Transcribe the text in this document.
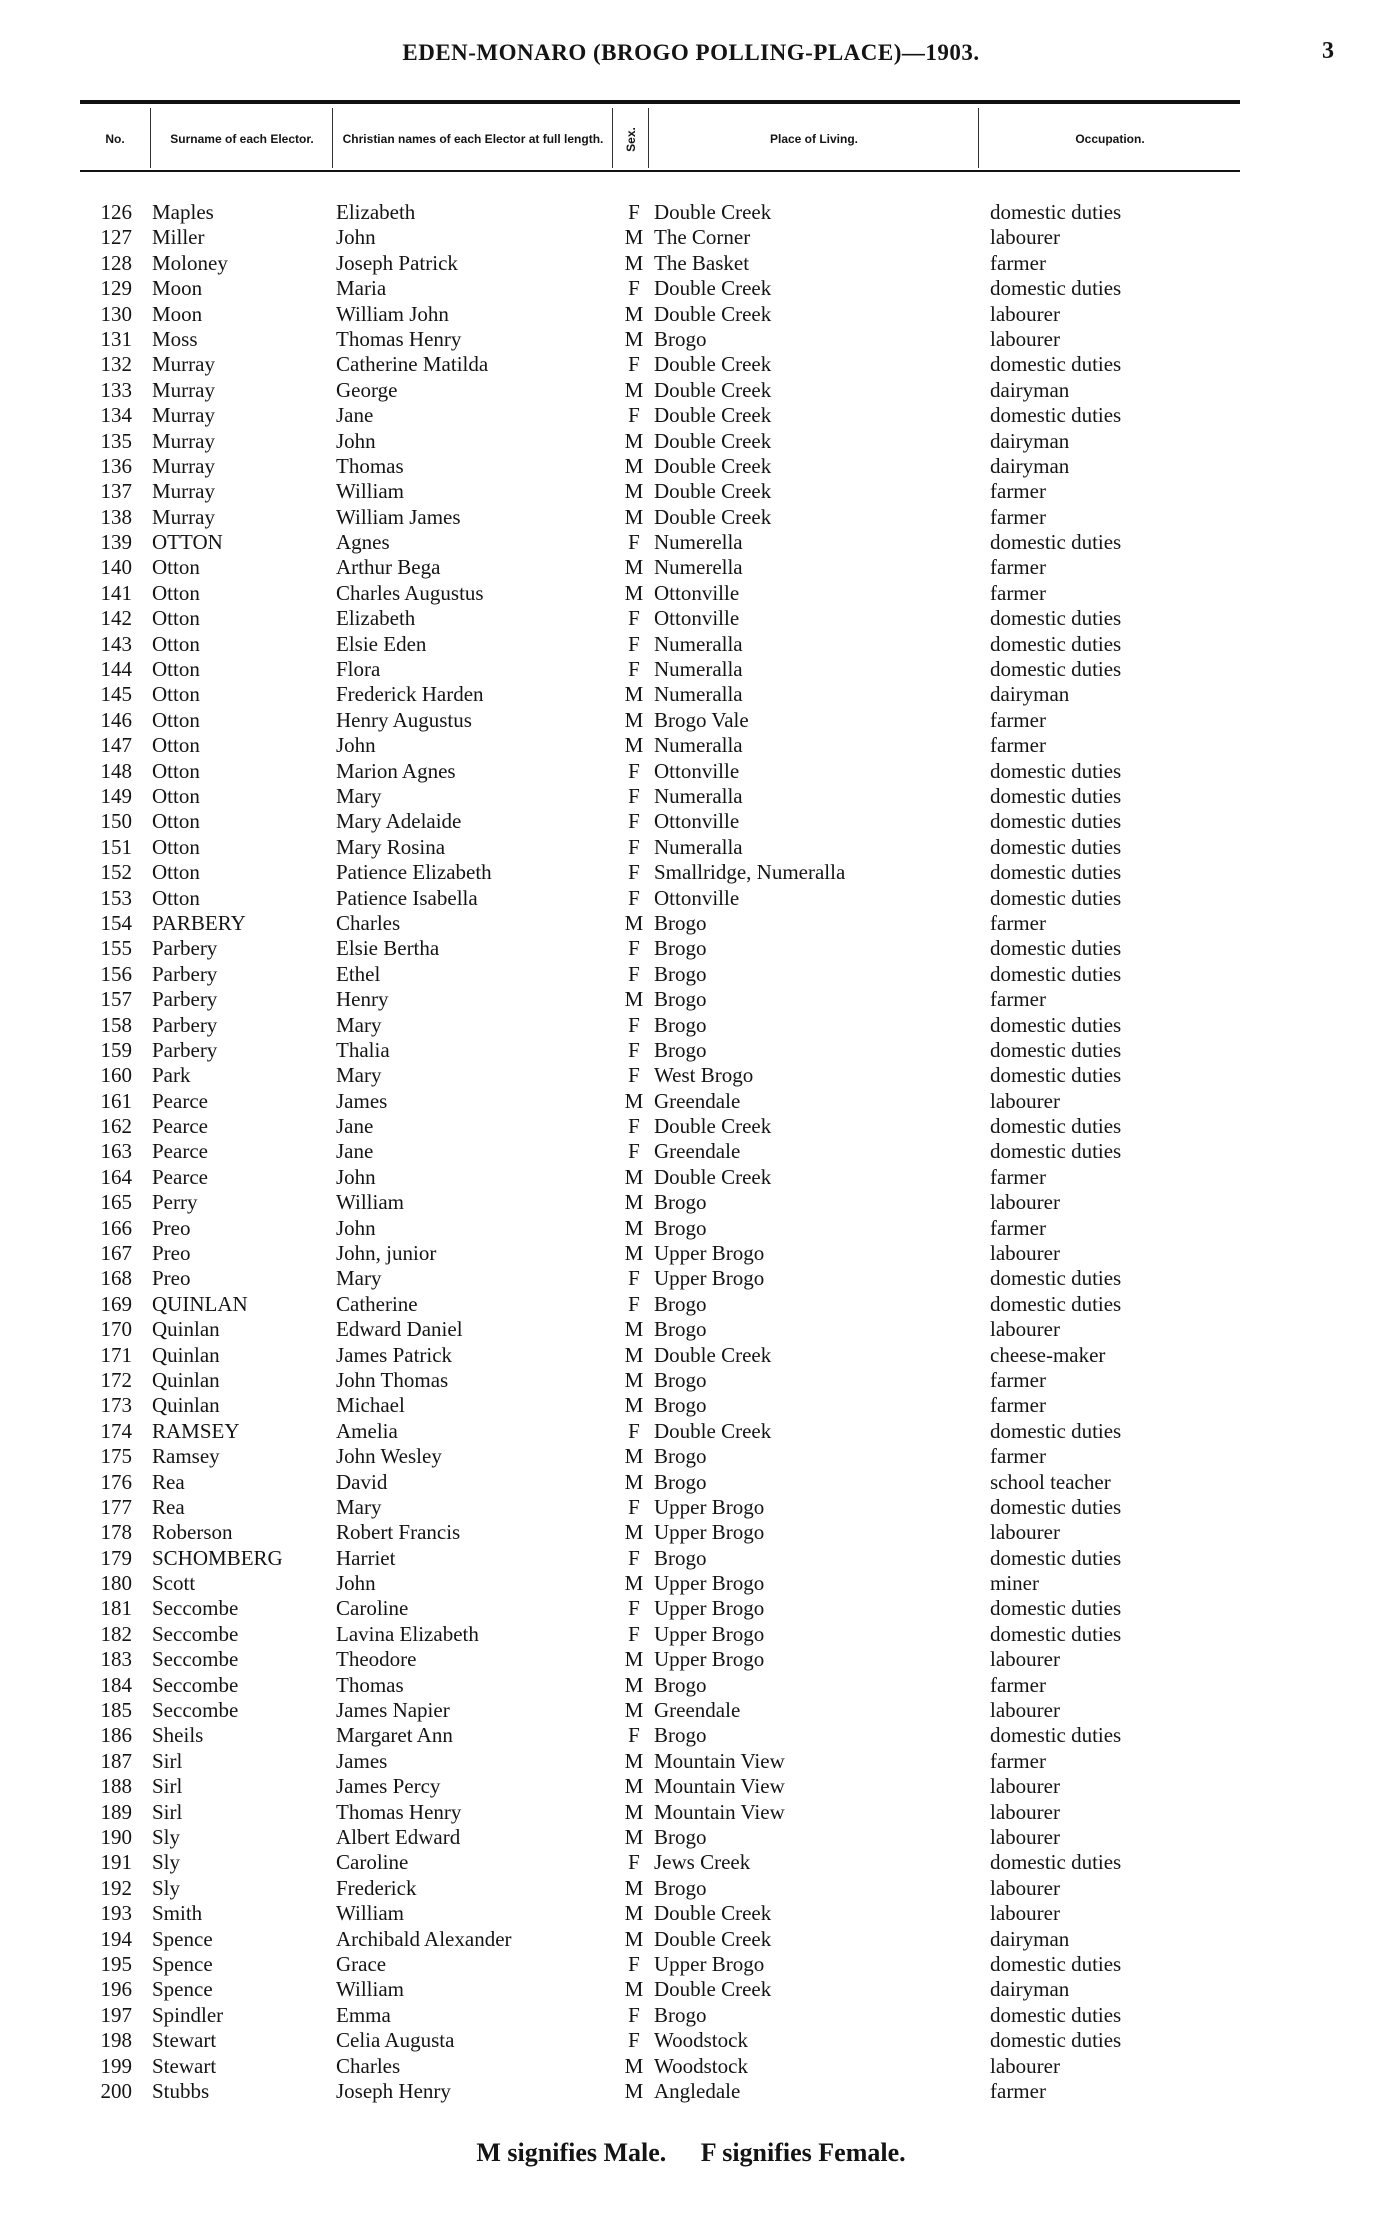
EDEN-MONARO (BROGO POLLING-PLACE)—1903.	3
No.	Surname of each Elector. Christian names of each Elector at full length. Sex.	Place of Living.	Occupation.
126 Maples	Elizabeth	F Double Creek	domestic duties
127 Miller	John	M The Corner	labourer
128 Moloney	Joseph Patrick	M The Basket	farmer
129 Moon	Maria	F Double Creek	domestic duties
130 Moon	William John	M Double Creek	labourer
131 Moss	Thomas Henry	M Brogo	labourer
132 Murray	Catherine Matilda	F Double Creek	domestic duties
133 Murray	George	M Double Creek	dairyman
134 Murray	Jane	F Double Creek	domestic duties
135 Murray	John	M Double Creek	dairyman
136 Murray	Thomas	M Double Creek	dairyman
137 Murray	William	M Double Creek	farmer
138 Murray	William James	M Double Creek	farmer
139 OTTON	Agnes	F Numerella	domestic duties
140 Otton	Arthur Bega	M Numerella	farmer
141 Otton	Charles Augustus	M Ottonville	farmer
142 Otton	Elizabeth	F Ottonville	domestic duties
143 Otton	Elsie Eden	F Numeralla	domestic duties
144 Otton	Flora	F Numeralla	domestic duties
145 Otton	Frederick Harden	M Numeralla	dairyman
146 Otton	Henry Augustus	M Brogo Vale	farmer
147 Otton	John	M Numeralla	farmer
148 Otton	Marion Agnes	F Ottonville	domestic duties
149 Otton	Mary	F Numeralla	domestic duties
150 Otton	Mary Adelaide	F Ottonville	domestic duties
151 Otton	Mary Rosina	F Numeralla	domestic duties
152 Otton	Patience Elizabeth	F Smallridge, Numeralla	domestic duties
153 Otton	Patience Isabella	F Ottonville	domestic duties
154 PARBERY	Charles	M Brogo	farmer
155 Parbery	Elsie Bertha	F Brogo	domestic duties
156 Parbery	Ethel	F Brogo	domestic duties
157 Parbery	Henry	M Brogo	farmer
158 Parbery	Mary	F Brogo	domestic duties
159 Parbery	Thalia	F Brogo	domestic duties
160 Park	Mary	F West Brogo	domestic duties
161 Pearce	James	M Greendale	labourer
162 Pearce	Jane	F Double Creek	domestic duties
163 Pearce	Jane	F Greendale	domestic duties
164 Pearce	John	M Double Creek	farmer
165 Perry	William	M Brogo	labourer
166 Preo	John	M Brogo	farmer
167 Preo	John, junior	M Upper Brogo	labourer
168 Preo	Mary	F Upper Brogo	domestic duties
169 QUINLAN	Catherine	F Brogo	domestic duties
170 Quinlan	Edward Daniel	M Brogo	labourer
171 Quinlan	James Patrick	M Double Creek	cheese-maker
172 Quinlan	John Thomas	M Brogo	farmer
173 Quinlan	Michael	M Brogo	farmer
174 RAMSEY	Amelia	F Double Creek	domestic duties
175 Ramsey	John Wesley	M Brogo	farmer
176 Rea	David	M Brogo	school teacher
177 Rea	Mary	F Upper Brogo	domestic duties
178 Roberson	Robert Francis	M Upper Brogo	labourer
179 SCHOMBERG	Harriet	F Brogo	domestic duties
180 Scott	John	M Upper Brogo	miner
181 Seccombe	Caroline	F Upper Brogo	domestic duties
182 Seccombe	Lavina Elizabeth	F Upper Brogo	domestic duties
183 Seccombe	Theodore	M Upper Brogo	labourer
184 Seccombe	Thomas	M Brogo	farmer
185 Seccombe	James Napier	M Greendale	labourer
186 Sheils	Margaret Ann	F Brogo	domestic duties
187 Sirl	James	M Mountain View	farmer
188 Sirl	James Percy	M Mountain View	labourer
189 Sirl	Thomas Henry	M Mountain View	labourer
190 Sly	Albert Edward	M Brogo	labourer
191 Sly	Caroline	F Jews Creek	domestic duties
192 Sly	Frederick	M Brogo	labourer
193 Smith	William	M Double Creek	labourer
194 Spence	Archibald Alexander	M Double Creek	dairyman
195 Spence	Grace	F Upper Brogo	domestic duties
196 Spence	William	M Double Creek	dairyman
197 Spindler	Emma	F Brogo	domestic duties
198 Stewart	Celia Augusta	F Woodstock	domestic duties
199 Stewart	Charles	M Woodstock	labourer
200 Stubbs	Joseph Henry	M Angledale	farmer
M signifies Male. F signifies Female.
